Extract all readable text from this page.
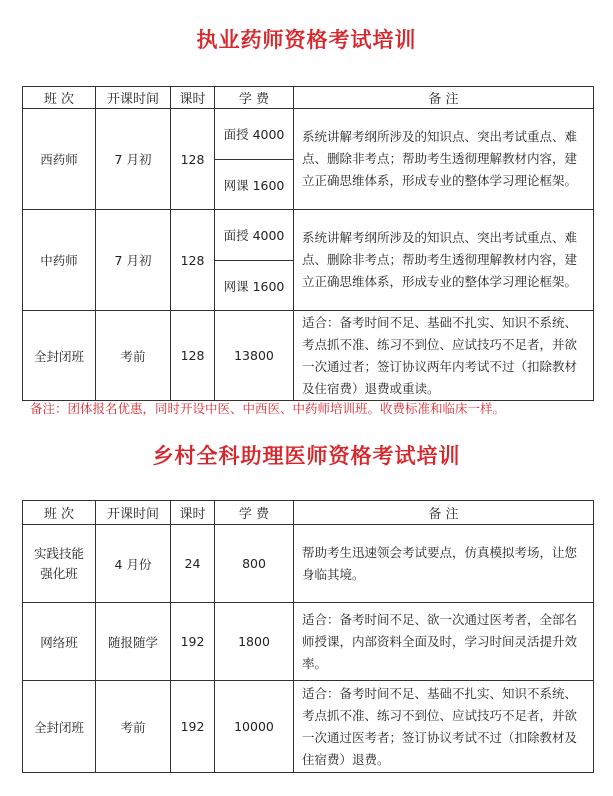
执业药师资格考试培训
班 次	开课时间	课时	学 费	备 注
西药师	7 月初	128	面授 4000	系统讲解考纲所涉及的知识点、突出考试重点、难点、删除非考点；帮助考生透彻理解教材内容，建立正确思维体系，形成专业的整体学习理论框架。
			网课 1600	
中药师	7 月初	128	面授 4000	系统讲解考纲所涉及的知识点、突出考试重点、难点、删除非考点；帮助考生透彻理解教材内容，建立正确思维体系，形成专业的整体学习理论框架。
			网课 1600	
全封闭班	考前	128	13800	适合：备考时间不足、基础不扎实、知识不系统、考点抓不准、练习不到位、应试技巧不足者，并欲一次通过者；签订协议两年内考试不过（扣除教材及住宿费）退费或重读。
备注：团体报名优惠，同时开设中医、中西医、中药师培训班。收费标准和临床一样。
乡村全科助理医师资格考试培训
班 次	开课时间	课时	学 费	备 注
实践技能强化班	4 月份	24	800	帮助考生迅速领会考试要点，仿真模拟考场，让您身临其境。
网络班	随报随学	192	1800	适合：备考时间不足、欲一次通过医考者，全部名师授课，内部资料全面及时，学习时间灵活提升效率。
全封闭班	考前	192	10000	适合：备考时间不足、基础不扎实、知识不系统、考点抓不准、练习不到位、应试技巧不足者，并欲一次通过医考者；签订协议考试不过（扣除教材及住宿费）退费。
